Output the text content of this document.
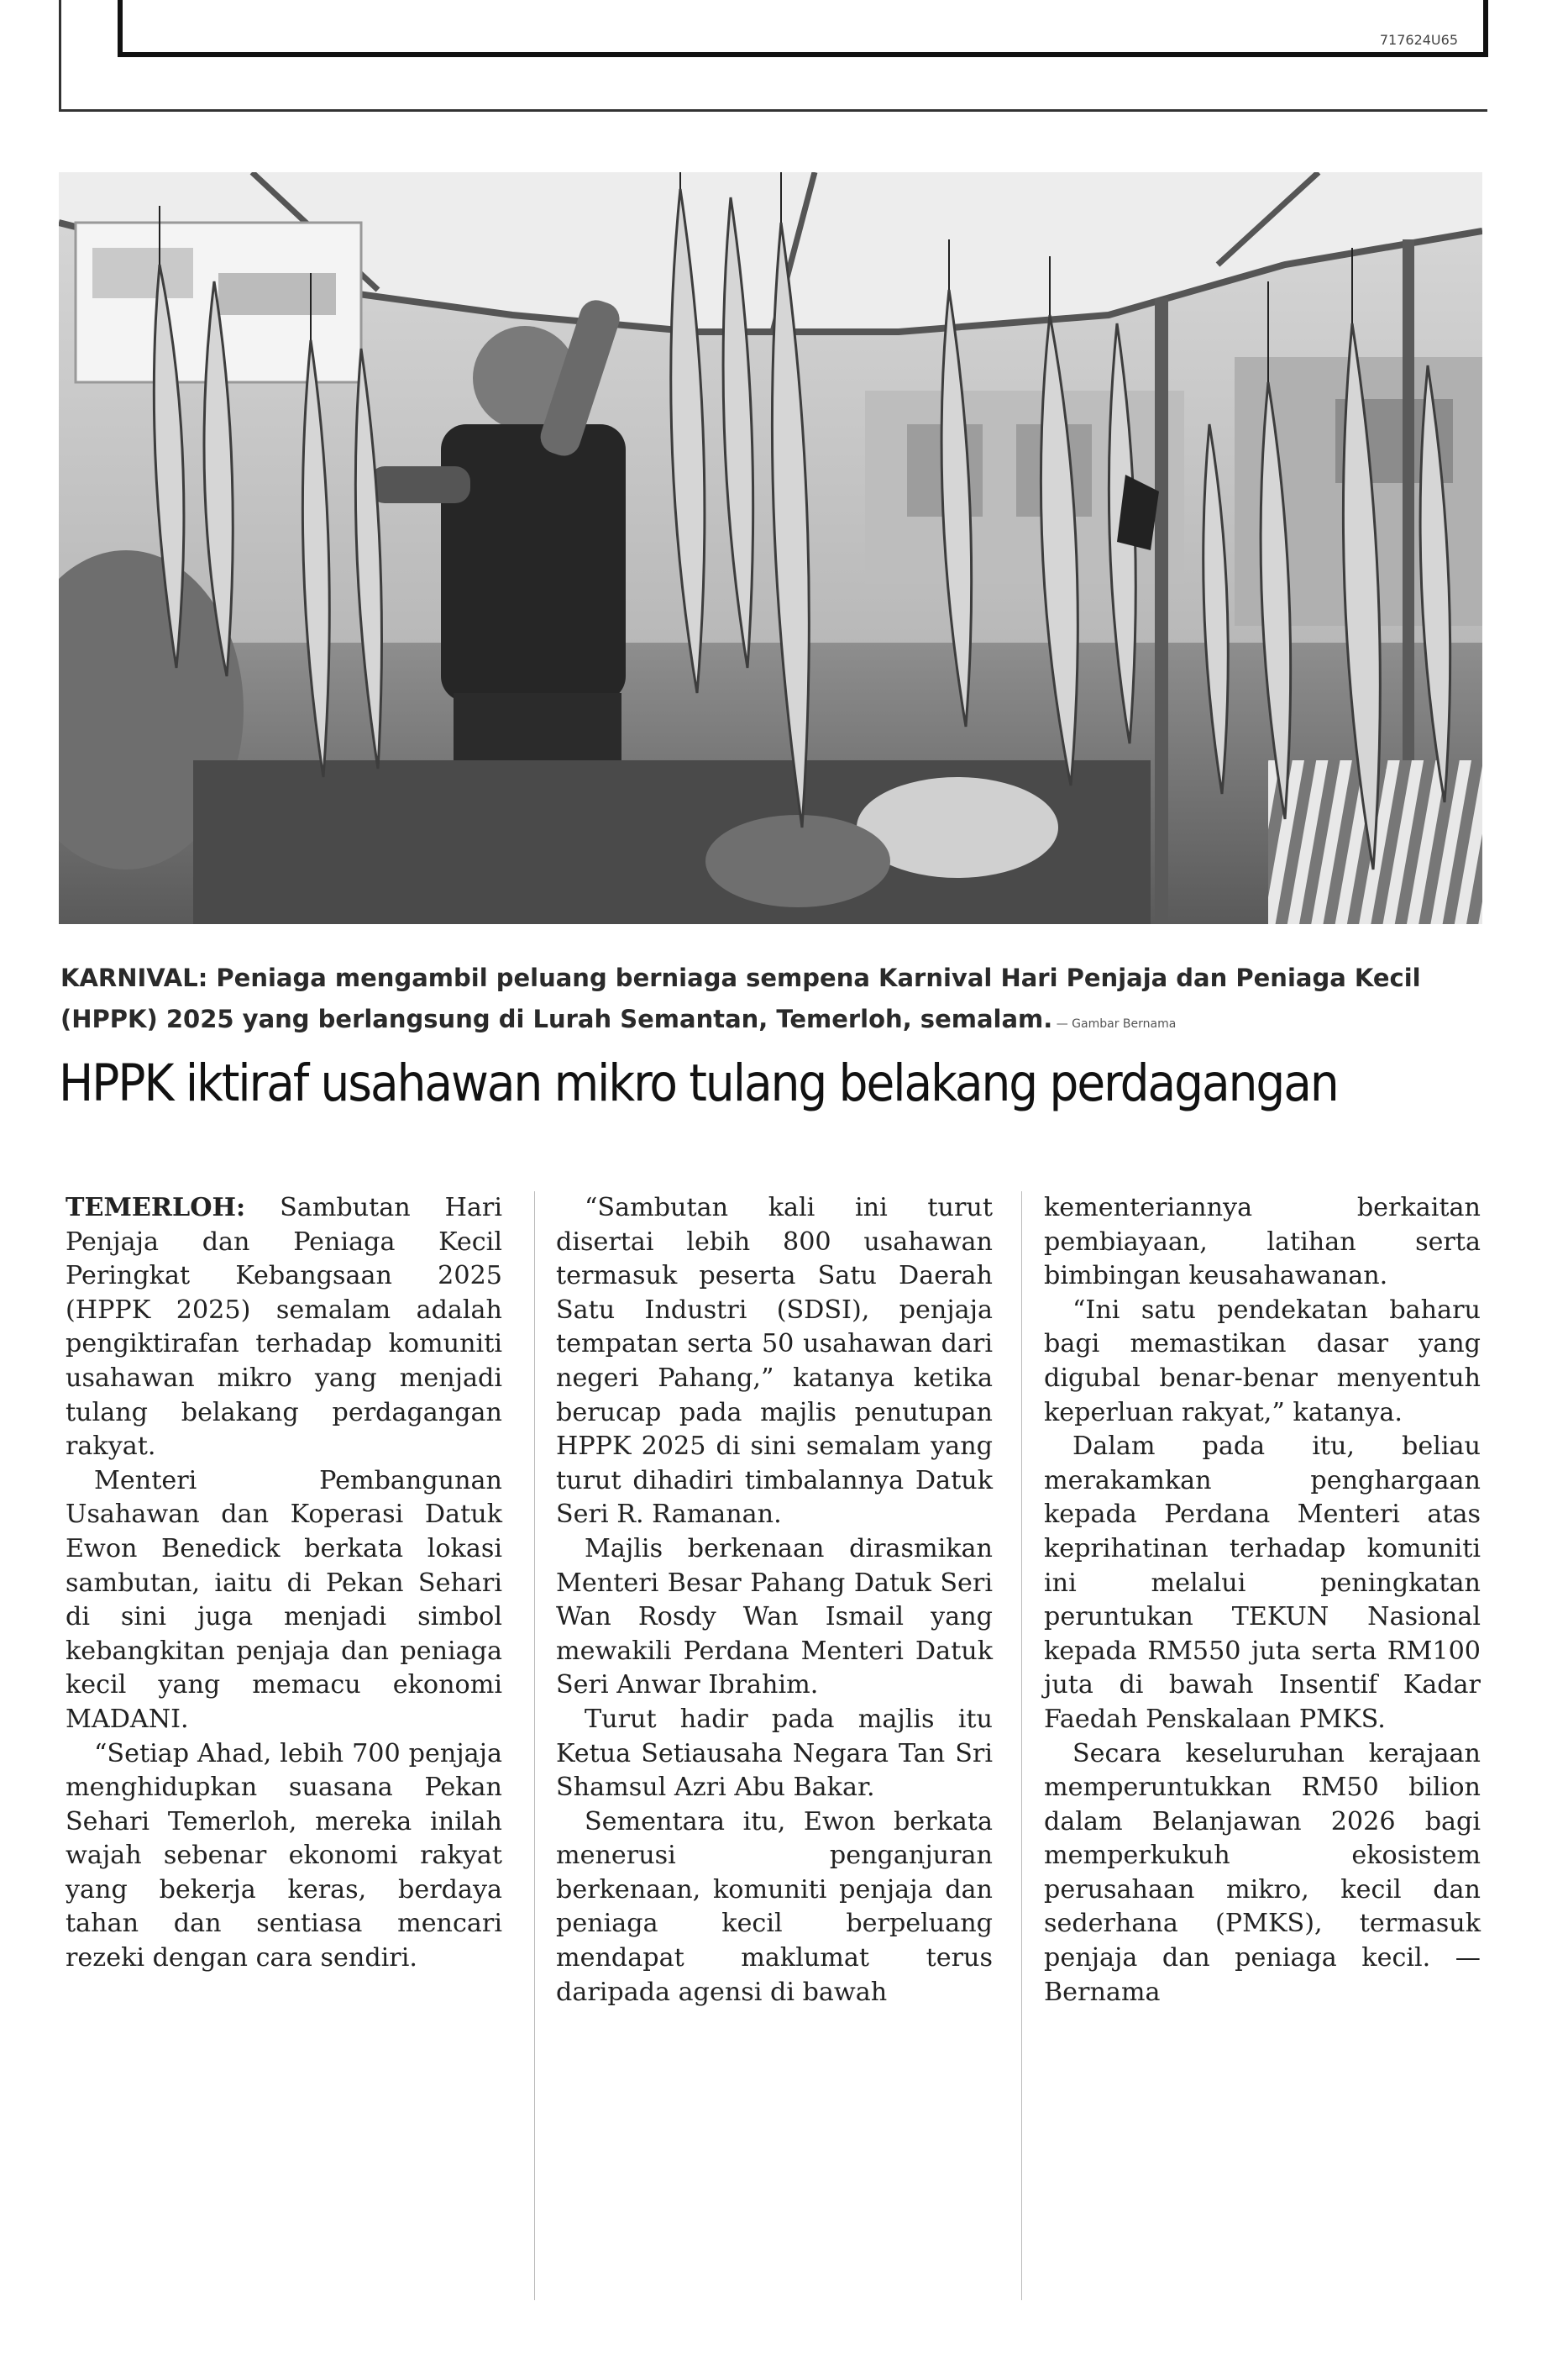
717624U65

KARNIVAL: Peniaga mengambil peluang berniaga sempena Karnival Hari Penjaja dan Peniaga Kecil (HPPK) 2025 yang berlangsung di Lurah Semantan, Temerloh, semalam. — Gambar Bernama

HPPK iktiraf usahawan mikro tulang belakang perdagangan

TEMERLOH: Sambutan Hari Penjaja dan Peniaga Kecil Peringkat Kebangsaan 2025 (HPPK 2025) semalam adalah pengiktirafan terhadap komuniti usahawan mikro yang menjadi tulang belakang perdagangan rakyat.

Menteri Pembangunan Usahawan dan Koperasi Datuk Ewon Benedick berkata lokasi sambutan, iaitu di Pekan Sehari di sini juga menjadi simbol kebangkitan penjaja dan peniaga kecil yang memacu ekonomi MADANI.

“Setiap Ahad, lebih 700 penjaja menghidupkan suasana Pekan Sehari Temerloh, mereka inilah wajah sebenar ekonomi rakyat yang bekerja keras, berdaya tahan dan sentiasa mencari rezeki dengan cara sendiri.

“Sambutan kali ini turut disertai lebih 800 usahawan termasuk peserta Satu Daerah Satu Industri (SDSI), penjaja tempatan serta 50 usahawan dari negeri Pahang,” katanya ketika berucap pada majlis penutupan HPPK 2025 di sini semalam yang turut dihadiri timbalannya Datuk Seri R. Ramanan.

Majlis berkenaan dirasmikan Menteri Besar Pahang Datuk Seri Wan Rosdy Wan Ismail yang mewakili Perdana Menteri Datuk Seri Anwar Ibrahim.

Turut hadir pada majlis itu Ketua Setiausaha Negara Tan Sri Shamsul Azri Abu Bakar.

Sementara itu, Ewon berkata menerusi penganjuran berkenaan, komuniti penjaja dan peniaga kecil berpeluang mendapat maklumat terus daripada agensi di bawah

kementeriannya berkaitan pembiayaan, latihan serta bimbingan keusahawanan.

“Ini satu pendekatan baharu bagi memastikan dasar yang digubal benar-benar menyentuh keperluan rakyat,” katanya.

Dalam pada itu, beliau merakamkan penghargaan kepada Perdana Menteri atas keprihatinan terhadap komuniti ini melalui peningkatan peruntukan TEKUN Nasional kepada RM550 juta serta RM100 juta di bawah Insentif Kadar Faedah Penskalaan PMKS.

Secara keseluruhan kerajaan memperuntukkan RM50 bilion dalam Belanjawan 2026 bagi memperkukuh ekosistem perusahaan mikro, kecil dan sederhana (PMKS), termasuk penjaja dan peniaga kecil. — Bernama
